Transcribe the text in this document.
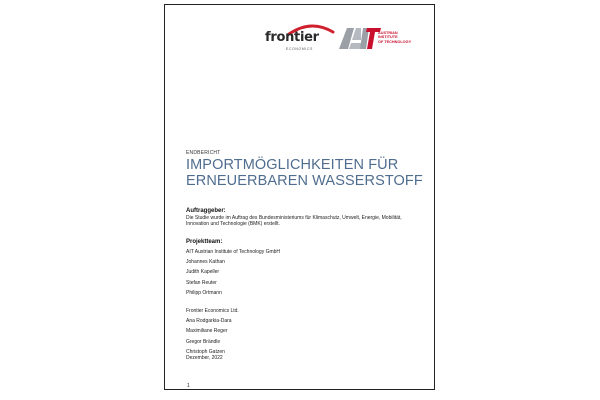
frontier
ECONOMICS
AUSTRIAN
INSTITUTE
OF TECHNOLOGY
ENDBERICHT
IMPORTMÖGLICHKEITEN FÜR
ERNEUERBAREN WASSERSTOFF
Auftraggeber:
Die Studie wurde im Auftrag des Bundesministeriums für Klimaschutz, Umwelt, Energie, Mobilität,
Innovation und Technologie (BMK) erstellt.
Projektteam:
AIT Austrian Institute of Technology GmbH
Johannes Kathan
Judith Kapeller
Stefan Reuter
Philipp Ortmann
Frontier Economics Ltd.
Ana Rodgarkia-Dara
Maximiliane Reger
Gregor Brändle
Christoph Gatzen
Dezember, 2022
1
